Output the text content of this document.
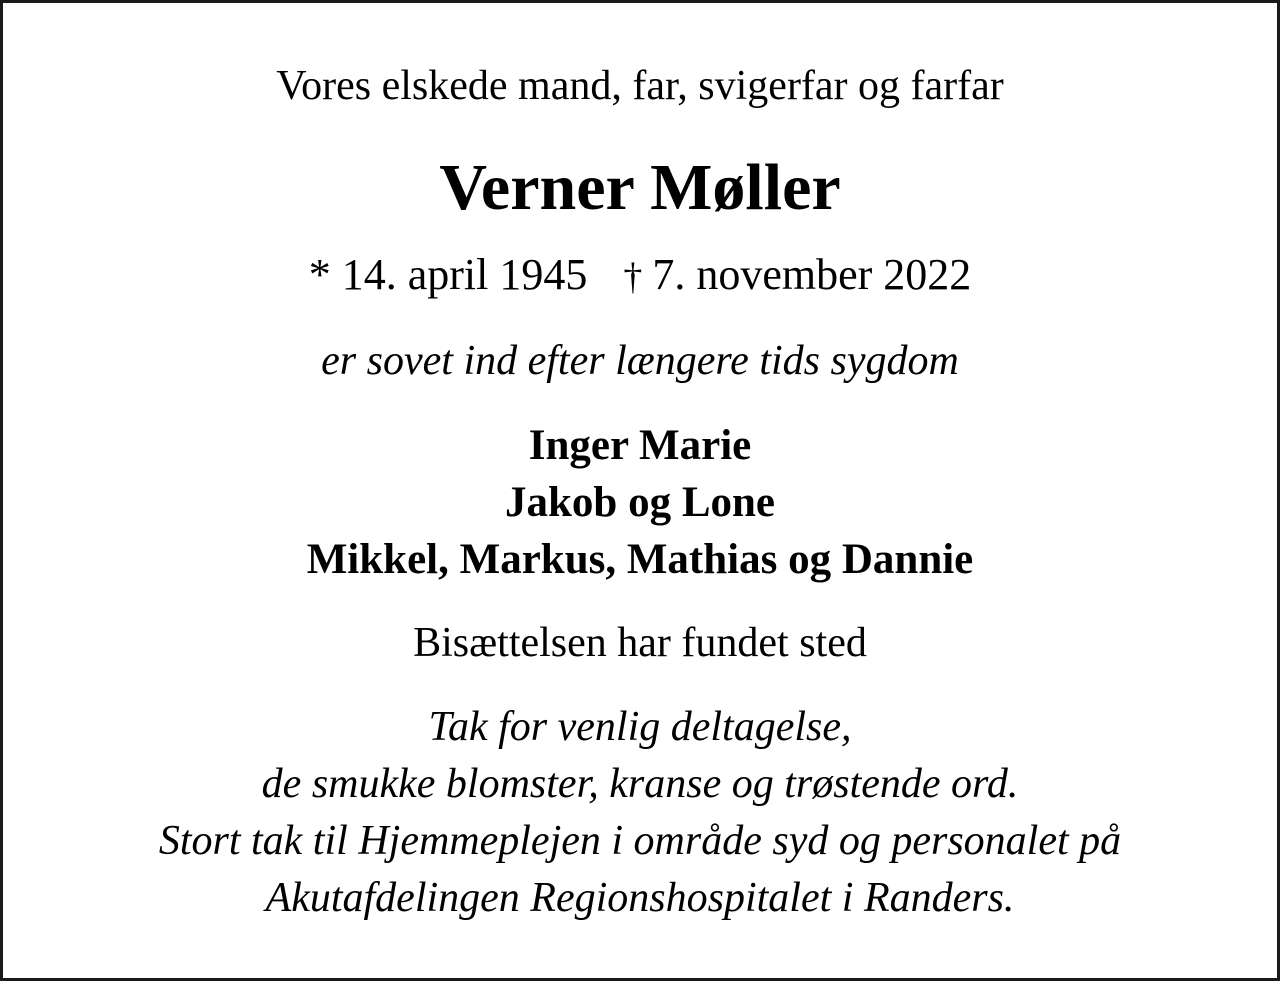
Vores elskede mand, far, svigerfar og farfar

Verner Møller

* 14. april 1945 † 7. november 2022

er sovet ind efter længere tids sygdom

Inger Marie
Jakob og Lone
Mikkel, Markus, Mathias og Dannie

Bisættelsen har fundet sted

Tak for venlig deltagelse,
de smukke blomster, kranse og trøstende ord.
Stort tak til Hjemmeplejen i område syd og personalet på
Akutafdelingen Regionshospitalet i Randers.
